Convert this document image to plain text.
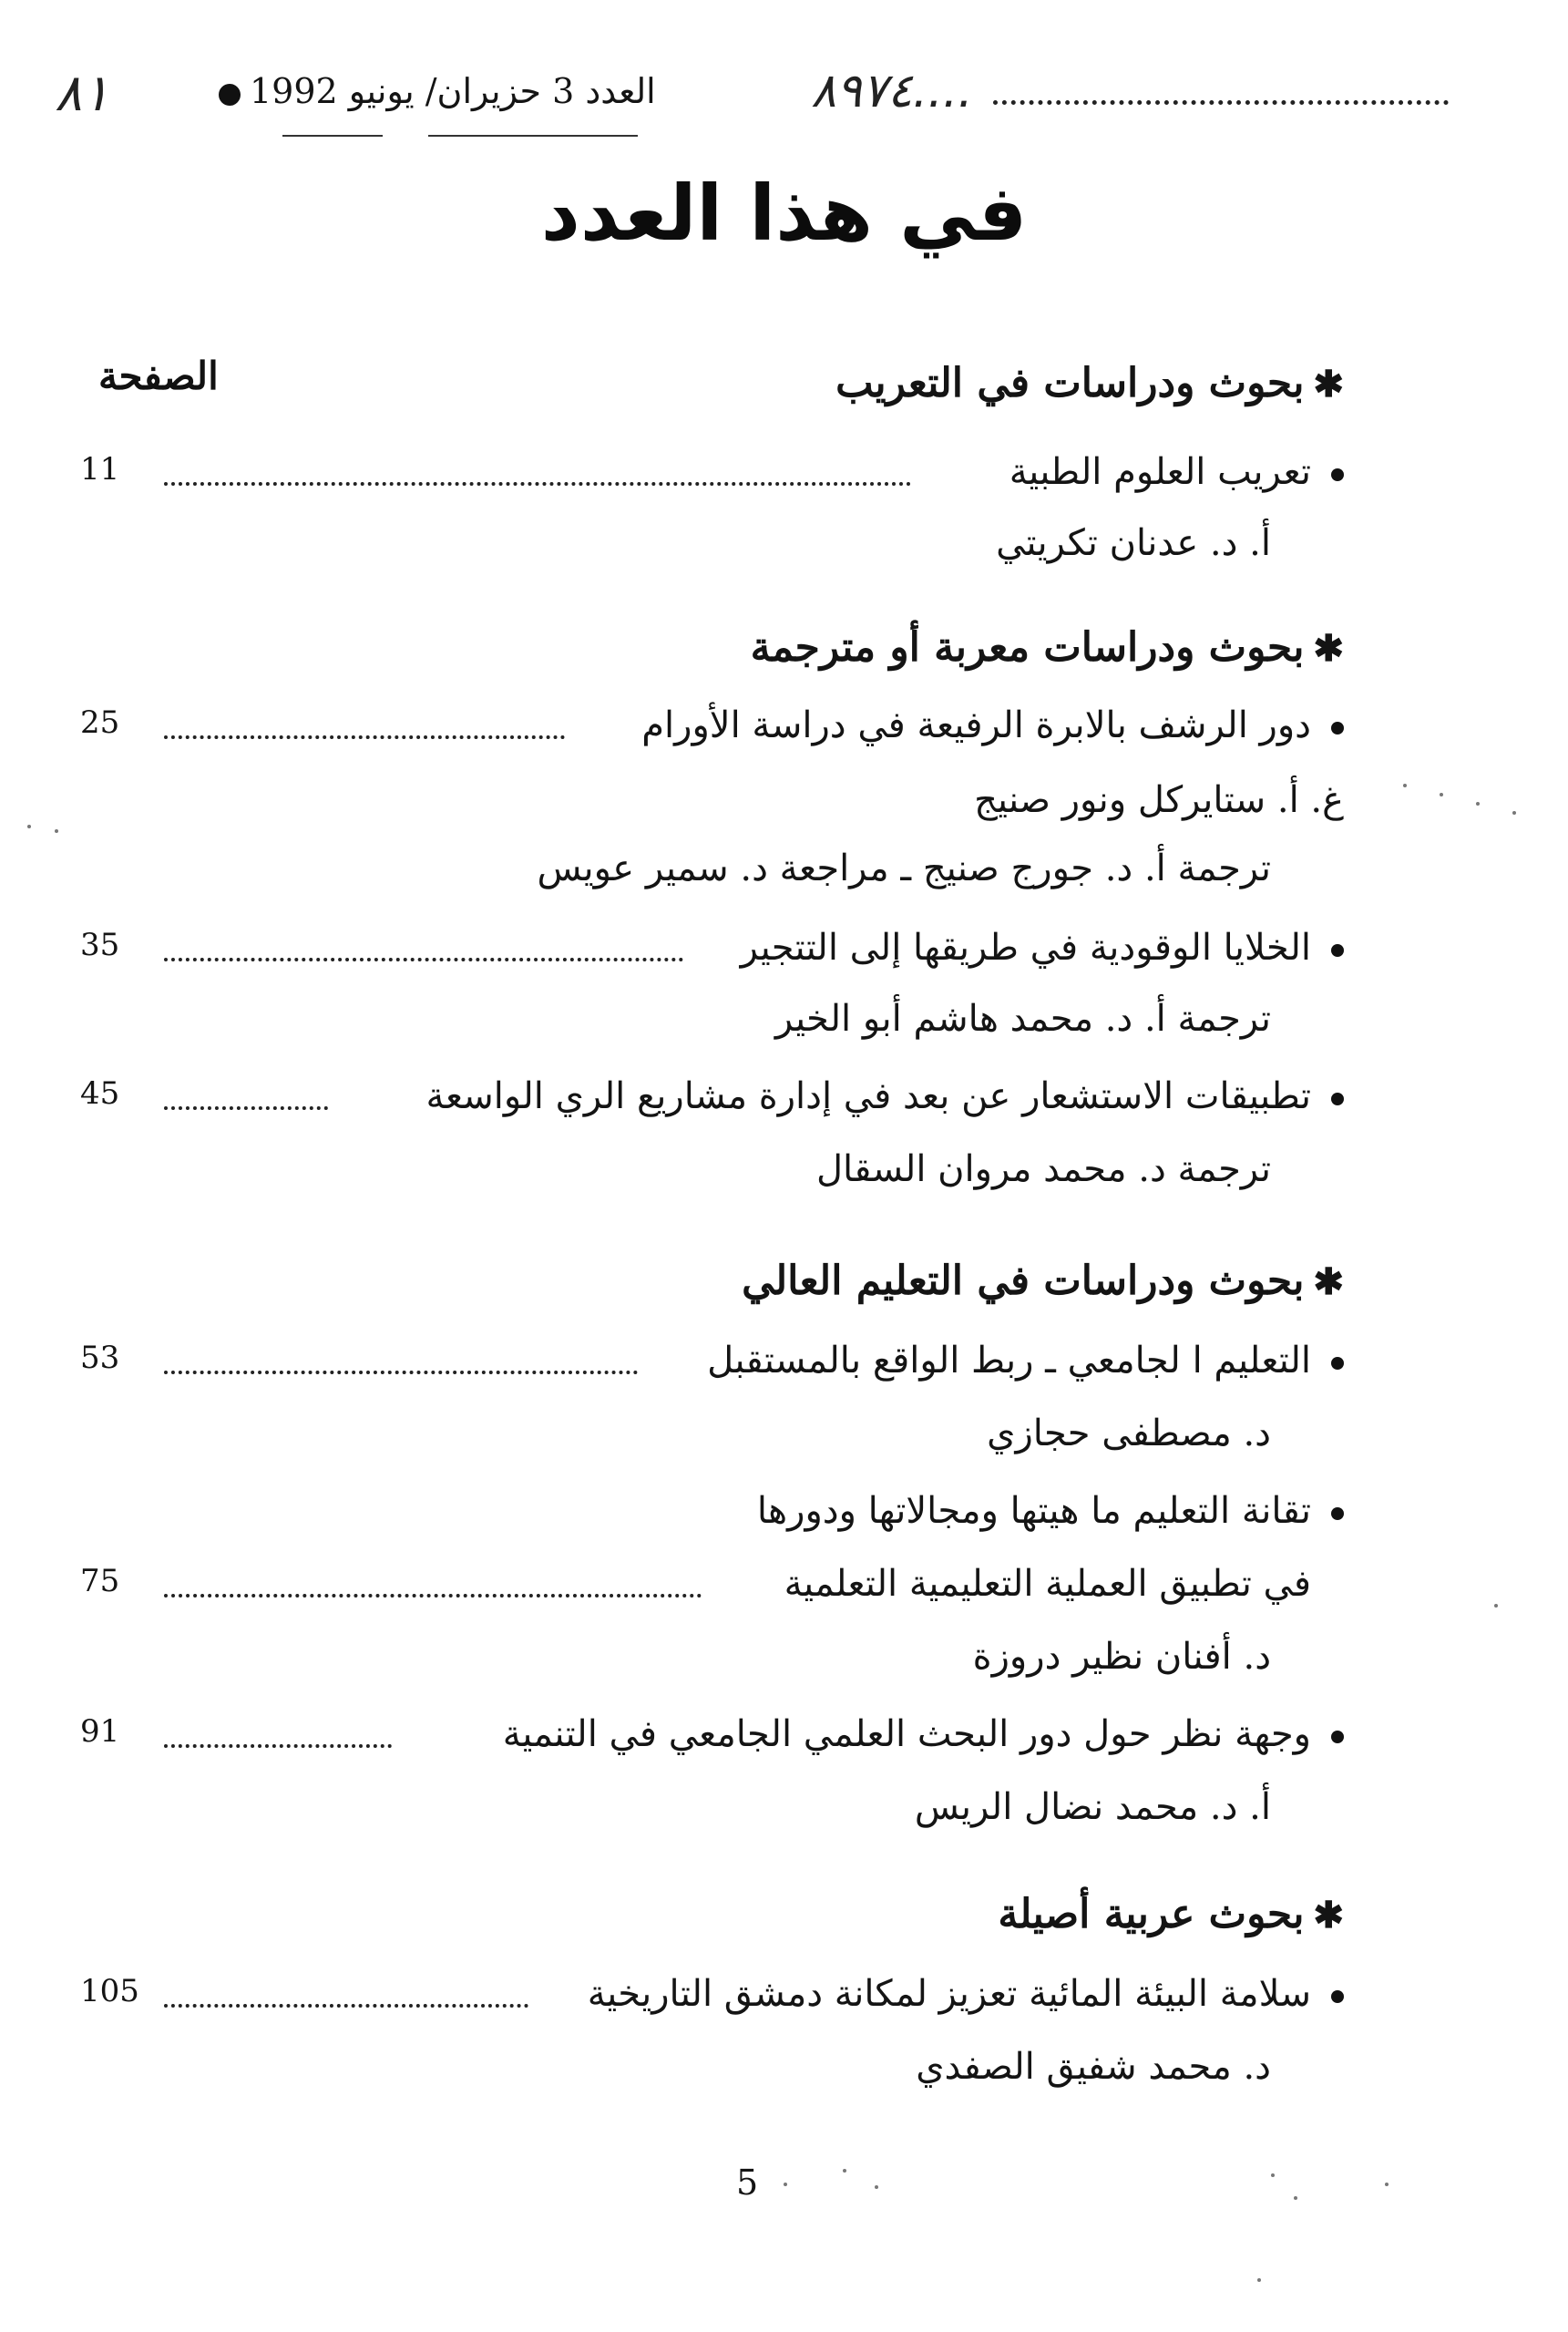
٨١	العدد 3 حزيران/ يونيو 1992	٨٩٧٤....
في هذا العدد
الصفحة	✱بحوث ودراسات في التعريب
11	تعريب العلوم الطبية
أ. د. عدنان تكريتي
✱بحوث ودراسات معربة أو مترجمة
25	دور الرشف بالابرة الرفيعة في دراسة الأورام
غ. أ. ستايركل ونور صنيج
ترجمة أ. د. جورج صنيج ـ مراجعة د. سمير عويس
35	الخلايا الوقودية في طريقها إلى التتجير
ترجمة أ. د. محمد هاشم أبو الخير
45	تطبيقات الاستشعار عن بعد في إدارة مشاريع الري الواسعة
ترجمة د. محمد مروان السقال
✱بحوث ودراسات في التعليم العالي
53	التعليم ا لجامعي ـ ربط الواقع بالمستقبل
د. مصطفى حجازي
تقانة التعليم ما هيتها ومجالاتها ودورها
75	في تطبيق العملية التعليمية التعلمية
د. أفنان نظير دروزة
91	وجهة نظر حول دور البحث العلمي الجامعي في التنمية
أ. د. محمد نضال الريس
✱بحوث عربية أصيلة
105	سلامة البيئة المائية تعزيز لمكانة دمشق التاريخية
د. محمد شفيق الصفدي
5
